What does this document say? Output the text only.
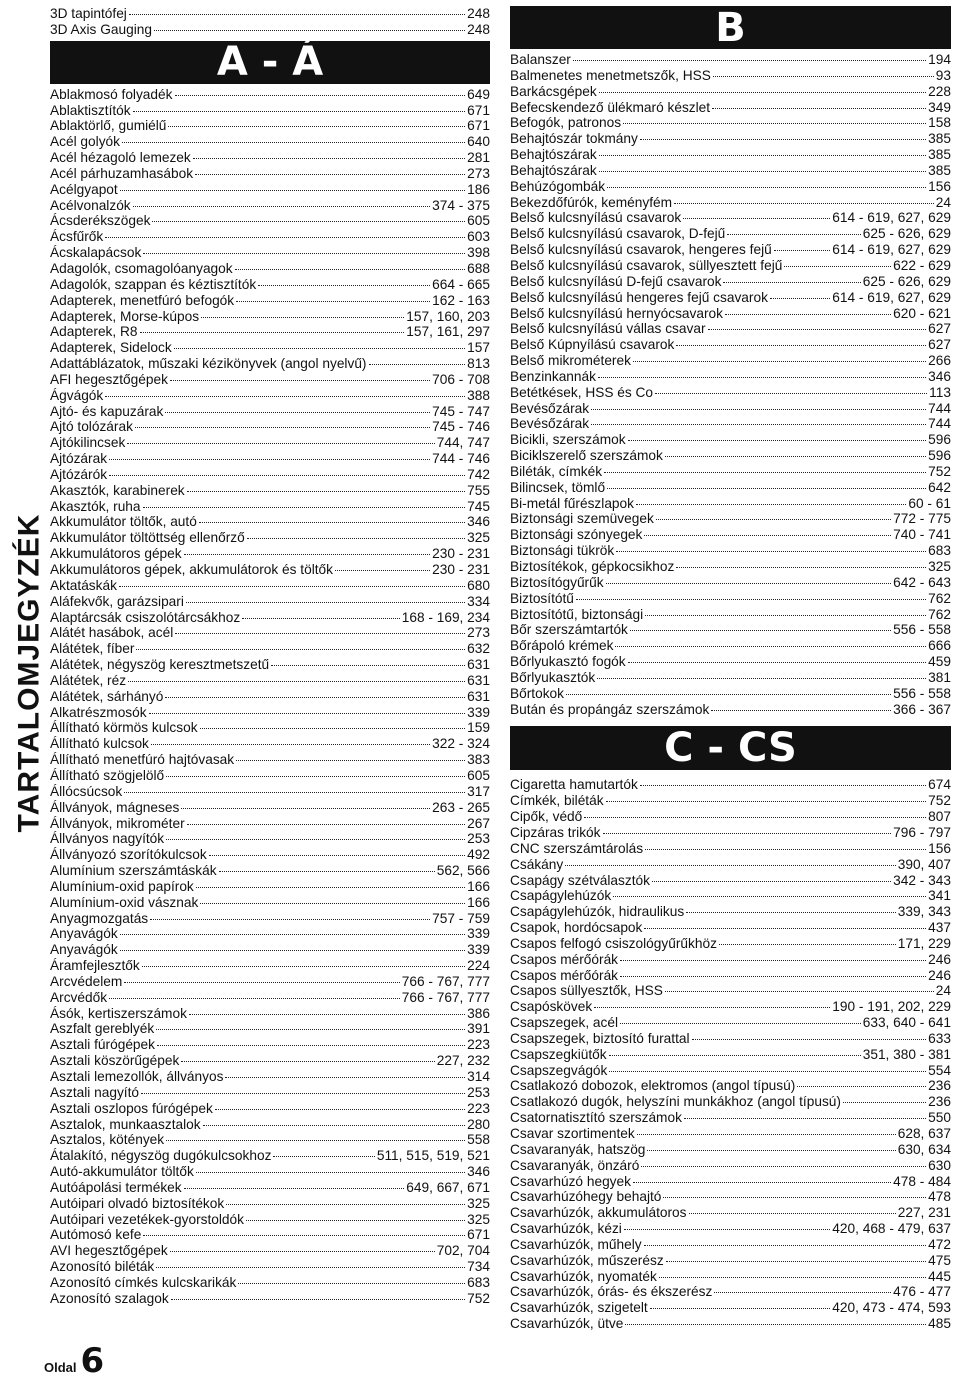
TARTALOMJEGYZÉK
3D tapintófej	248
3D Axis Gauging	248
A - Á
Ablakmosó folyadék	649
Ablaktisztítók	671
Ablaktörlő, gumiélű	671
Acél golyók	640
Acél hézagoló lemezek	281
Acél párhuzamhasábok	273
Acélgyapot	186
Acélvonalzók	374 - 375
Ácsderékszögek	605
Ácsfűrők	603
Ácskalapácsok	398
Adagolók, csomagolóanyagok	688
Adagolók, szappan és kéztisztítók	664 - 665
Adapterek, menetfúró befogók	162 - 163
Adapterek, Morse-kúpos	157, 160, 203
Adapterek, R8	157, 161, 297
Adapterek, Sidelock	157
Adattáblázatok, műszaki kézikönyvek (angol nyelvű)	813
AFI hegesztőgépek	706 - 708
Ágvágók	388
Ajtó- és kapuzárak	745 - 747
Ajtó tolózárak	745 - 746
Ajtókilincsek	744, 747
Ajtózárak	744 - 746
Ajtózárók	742
Akasztók, karabinerek	755
Akasztók, ruha	745
Akkumulátor töltők, autó	346
Akkumulátor töltöttség ellenőrző	325
Akkumulátoros gépek	230 - 231
Akkumulátoros gépek, akkumulátorok és töltők	230 - 231
Aktatáskák	680
Aláfekvők, garázsipari	334
Alaptárcsák csiszolótárcsákhoz	168 - 169, 234
Alátét hasábok, acél	273
Alátétek, fíber	632
Alátétek, négyszög keresztmetszetű	631
Alátétek, réz	631
Alátétek, sárhányó	631
Alkatrészmosók	339
Állítható körmös kulcsok	159
Állítható kulcsok	322 - 324
Állítható menetfúró hajtóvasak	383
Állítható szögjelölő	605
Állócsúcsok	317
Állványok, mágneses	263 - 265
Állványok, mikrométer	267
Állványos nagyítók	253
Állványozó szorítókulcsok	492
Alumínium szerszámtáskák	562, 566
Alumínium-oxid papírok	166
Alumínium-oxid vásznak	166
Anyagmozgatás	757 - 759
Anyavágók	339
Anyavágók	339
Áramfejlesztők	224
Arcvédelem	766 - 767, 777
Arcvédők	766 - 767, 777
Ásók, kertiszerszámok	386
Aszfalt gereblyék	391
Asztali fúrógépek	223
Asztali köszörűgépek	227, 232
Asztali lemezollók, állványos	314
Asztali nagyító	253
Asztali oszlopos fúrógépek	223
Asztalok, munkaasztalok	280
Asztalos, kötények	558
Átalakító, négyszög dugókulcsokhoz	511, 515, 519, 521
Autó-akkumulátor töltők	346
Autóápolási termékek	649, 667, 671
Autóipari olvadó biztosítékok	325
Autóipari vezetékek-gyorstoldók	325
Autómosó kefe	671
AVI hegesztőgépek	702, 704
Azonosító biléták	734
Azonosító címkés kulcskarikák	683
Azonosító szalagok	752
B
Balanszer	194
Balmenetes menetmetszők, HSS	93
Barkácsgépek	228
Befecskendező ülékmaró készlet	349
Befogók, patronos	158
Behajtószár tokmány	385
Behajtószárak	385
Behajtószárak	385
Behúzógombák	156
Bekezdőfúrók, keményfém	24
Belső kulcsnyílású csavarok	614 - 619, 627, 629
Belső kulcsnyílású csavarok, D-fejű	625 - 626, 629
Belső kulcsnyílású csavarok, hengeres fejű	614 - 619, 627, 629
Belső kulcsnyílású csavarok, süllyesztett fejű	622 - 629
Belső kulcsnyílású D-fejű csavarok	625 - 626, 629
Belső kulcsnyílású hengeres fejű csavarok	614 - 619, 627, 629
Belső kulcsnyílású hernyócsavarok	620 - 621
Belső kulcsnyílású vállas csavar	627
Belső Kúpnyílású csavarok	627
Belső mikrométerek	266
Benzinkannák	346
Betétkések, HSS és Co	113
Bevésőzárak	744
Bevésőzárak	744
Bicikli, szerszámok	596
Biciklszerelő szerszámok	596
Biléták, címkék	752
Bilincsek, tömlő	642
Bi-metál fűrészlapok	60 - 61
Biztonsági szemüvegek	772 - 775
Biztonsági szónyegek	740 - 741
Biztonsági tükrök	683
Biztosítékok, gépkocsikhoz	325
Biztosítógyűrűk	642 - 643
Biztosítótű	762
Biztosítótű, biztonsági	762
Bőr szerszámtartók	556 - 558
Bőrápoló krémek	666
Bőrlyukasztó fogók	459
Bőrlyukasztók	381
Bőrtokok	556 - 558
Bután és propángáz szerszámok	366 - 367
C - CS
Cigaretta hamutartók	674
Címkék, biléták	752
Cipők, védő	807
Cipzáras trikók	796 - 797
CNC szerszámtárolás	156
Csákány	390, 407
Csapágy szétválasztók	342 - 343
Csapágylehúzók	341
Csapágylehúzók, hidraulikus	339, 343
Csapok, hordócsapok	437
Csapos felfogó csiszológyűrűkhöz	171, 229
Csapos mérőórák	246
Csapos mérőórák	246
Csapos süllyesztők, HSS	24
Csapóskövek	190 - 191, 202, 229
Csapszegek, acél	633, 640 - 641
Csapszegek, biztosító furattal	633
Csapszegkiütők	351, 380 - 381
Csapszegvágók	554
Csatlakozó dobozok, elektromos (angol típusú)	236
Csatlakozó dugók, helyszíni munkákhoz (angol típusú)	236
Csatornatisztító szerszámok	550
Csavar szortimentek	628, 637
Csavaranyák, hatszög	630, 634
Csavaranyák, önzáró	630
Csavarhúzó hegyek	478 - 484
Csavarhúzóhegy behajtó	478
Csavarhúzók, akkumulátoros	227, 231
Csavarhúzók, kézi	420, 468 - 479, 637
Csavarhúzók, műhely	472
Csavarhúzók, műszerész	475
Csavarhúzók, nyomaték	445
Csavarhúzók, órás- és ékszerész	476 - 477
Csavarhúzók, szigetelt	420, 473 - 474, 593
Csavarhúzók, ütve	485
Oldal 6
